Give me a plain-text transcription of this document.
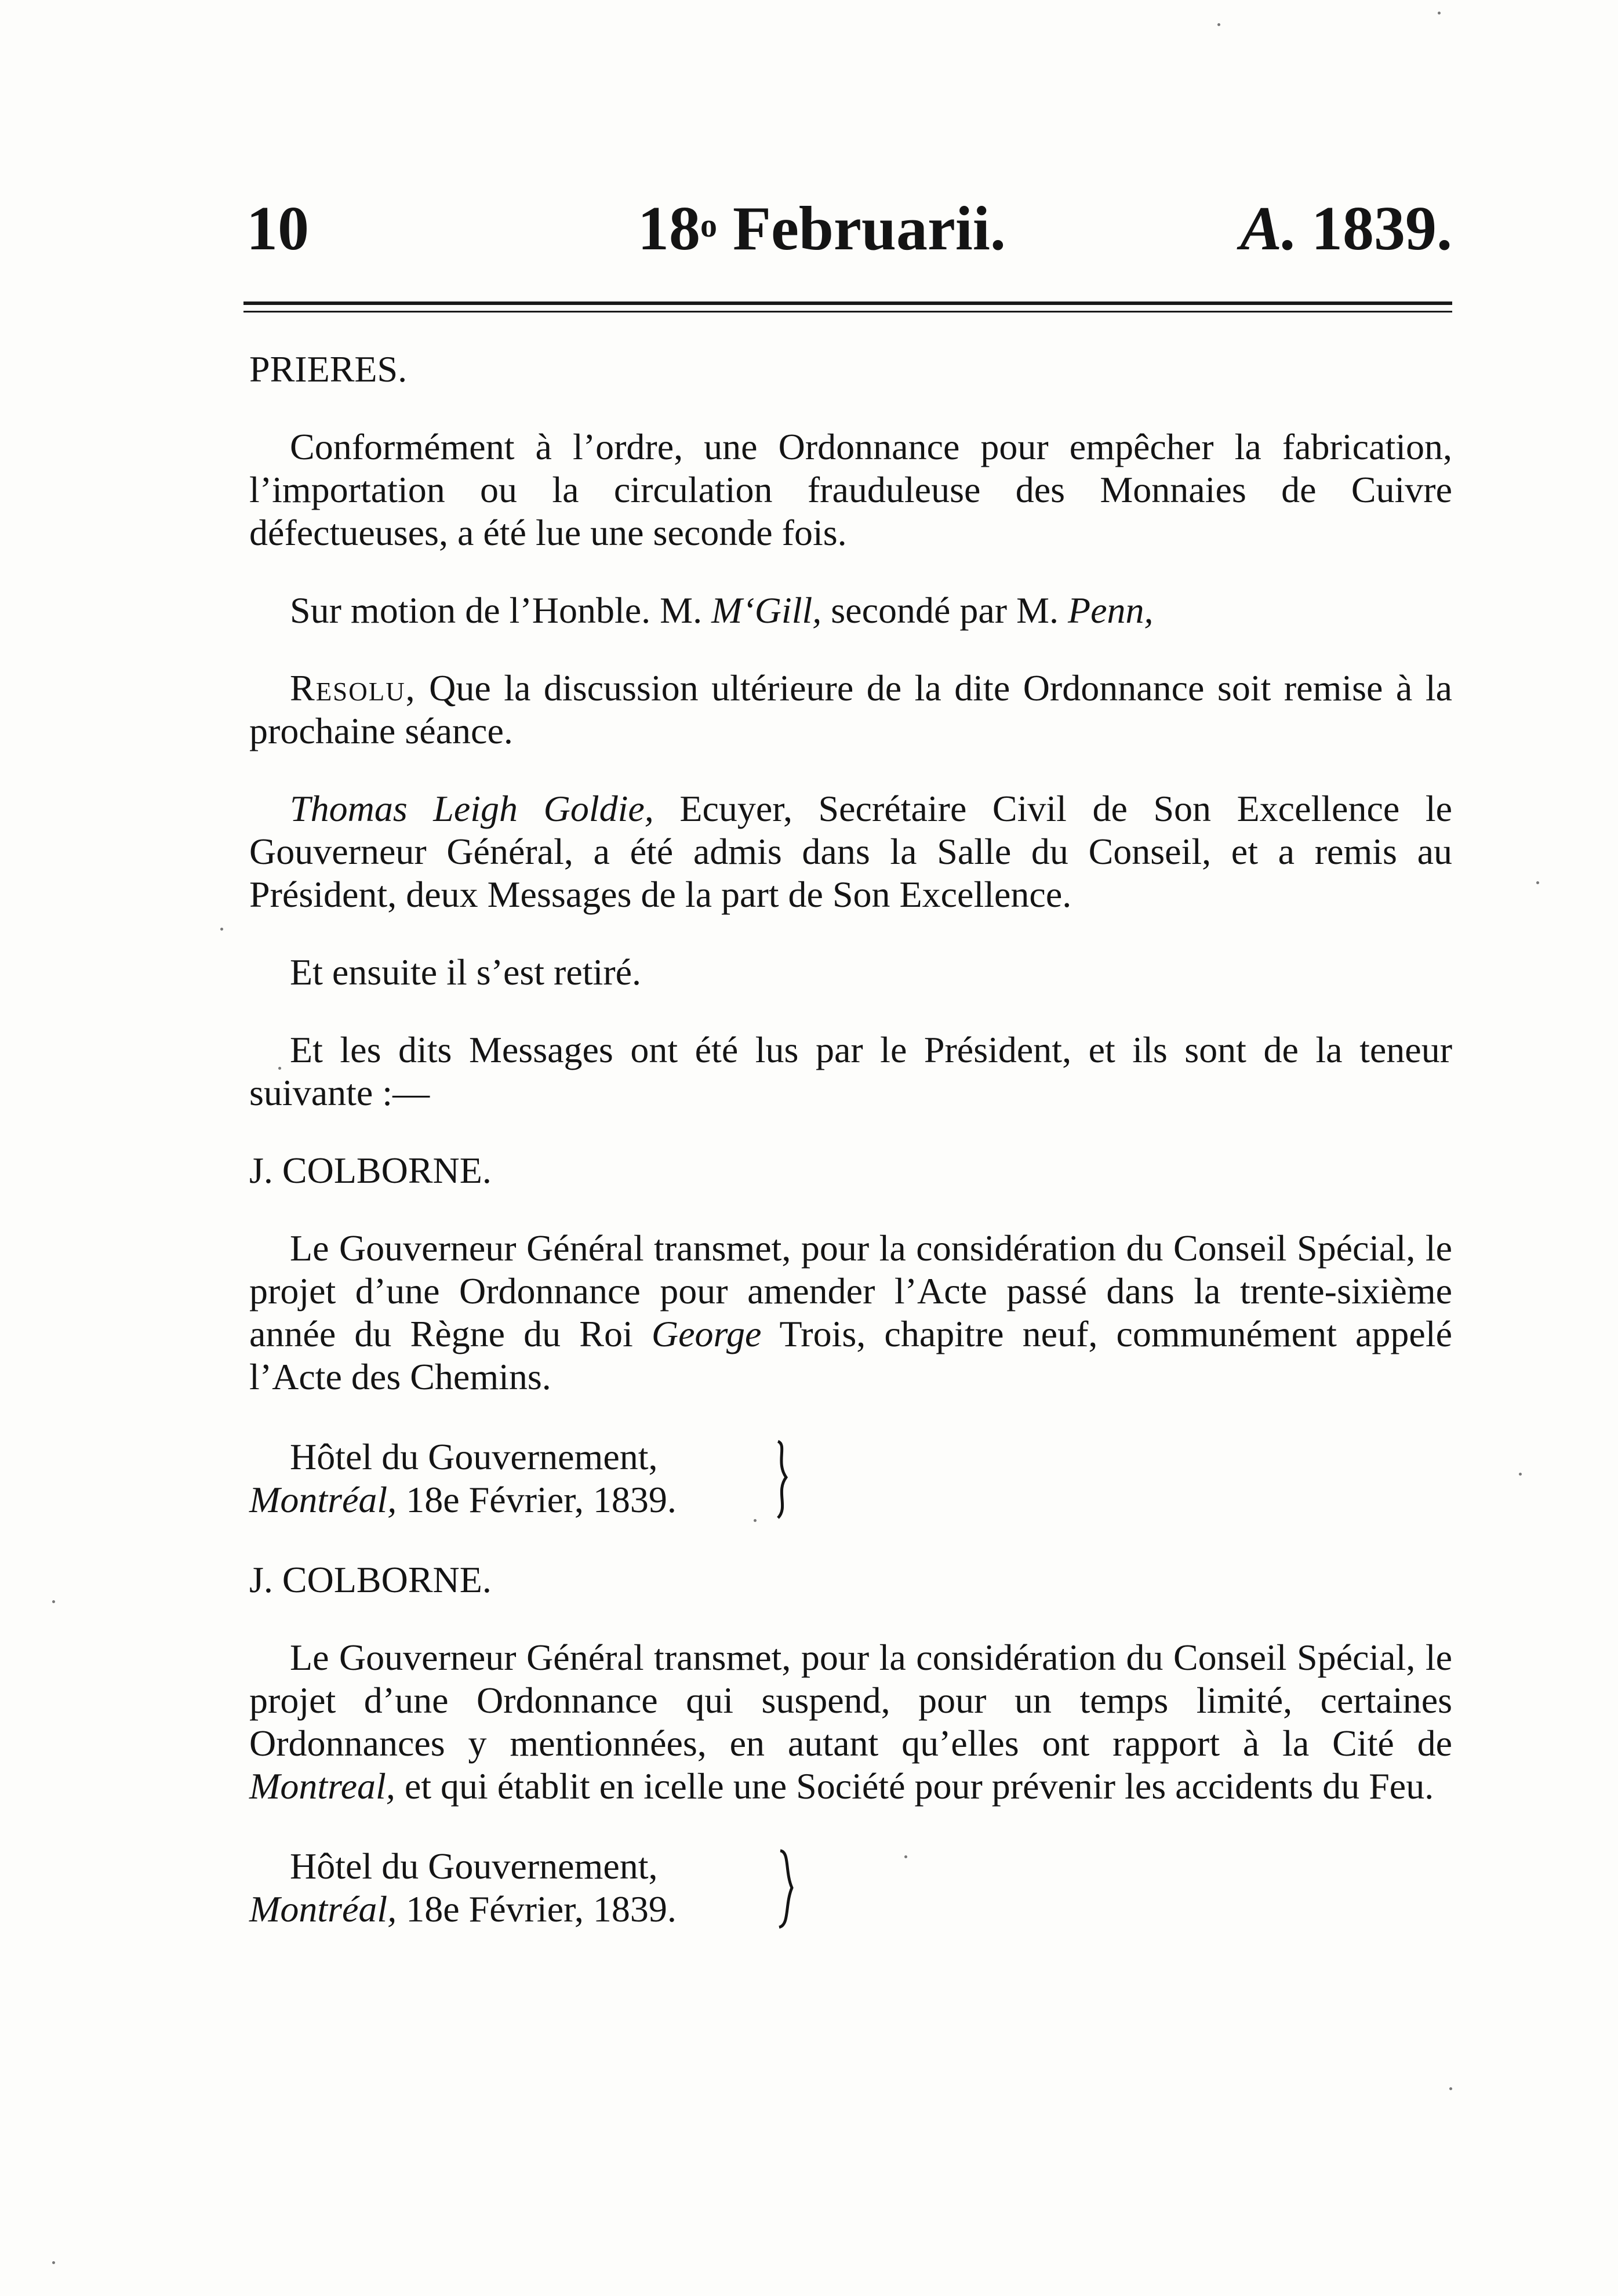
10	18$^o$ Februarii.	A. 1839.

PRIERES.

Conformément à l’ordre, une Ordonnance pour empêcher la fabrication, l’importation ou la circulation frauduleuse des Monnaies de Cuivre défectueuses, a été lue une seconde fois.

Sur motion de l’Honble. M. M‘Gill, secondé par M. Penn,

Resolu, Que la discussion ultérieure de la dite Ordonnance soit remise à la prochaine séance.

Thomas Leigh Goldie, Ecuyer, Secrétaire Civil de Son Excellence le Gouverneur Général, a été admis dans la Salle du Conseil, et a remis au Président, deux Messages de la part de Son Excellence.

Et ensuite il s’est retiré.

Et les dits Messages ont été lus par le Président, et ils sont de la teneur suivante :—

J. COLBORNE.

Le Gouverneur Général transmet, pour la considération du Conseil Spécial, le projet d’une Ordonnance pour amender l’Acte passé dans la trente-sixième année du Règne du Roi George Trois, chapitre neuf, communément appelé l’Acte des Chemins.

Hôtel du Gouvernement,
Montréal, 18e Février, 1839.

J. COLBORNE.

Le Gouverneur Général transmet, pour la considération du Conseil Spécial, le projet d’une Ordonnance qui suspend, pour un temps limité, certaines Ordonnances y mentionnées, en autant qu’elles ont rapport à la Cité de Montreal, et qui établit en icelle une Société pour prévenir les accidents du Feu.

Hôtel du Gouvernement,
Montréal, 18e Février, 1839.
